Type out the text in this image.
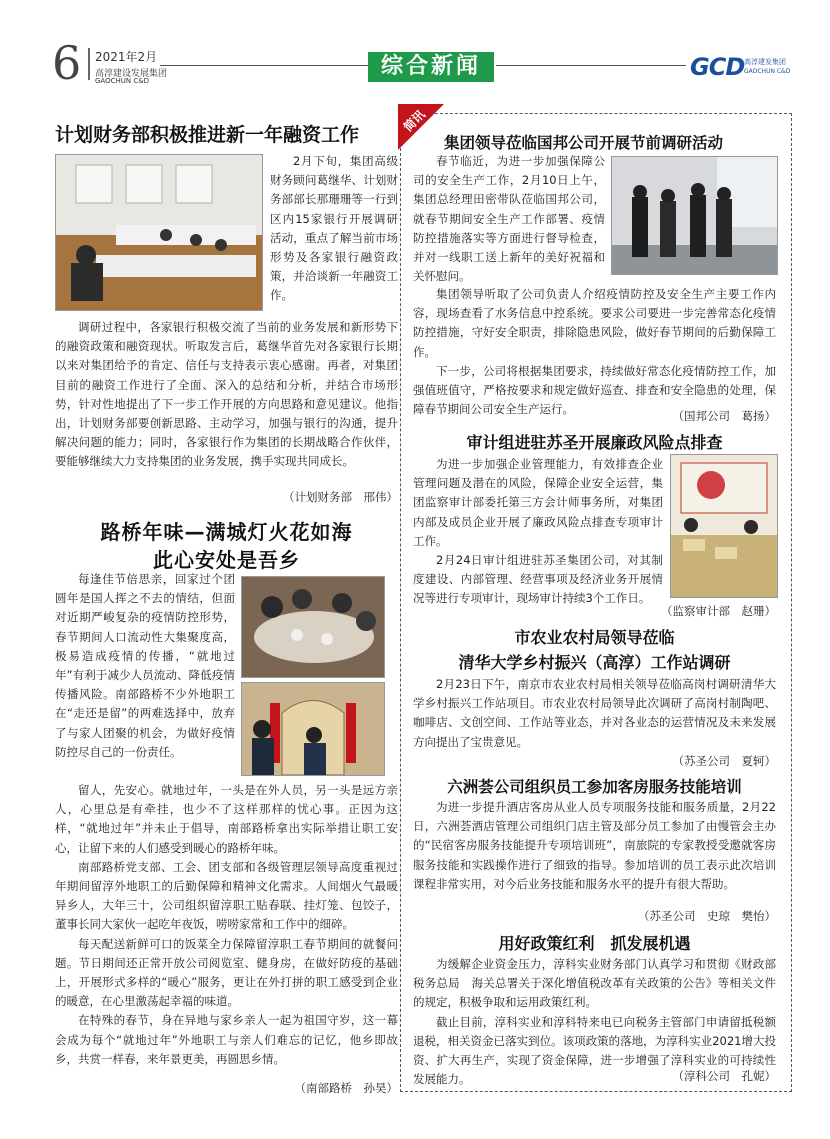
6 2021年2月
高淳建设发展集团
GAOCHUN C&D
综合新闻	GCD 高淳建发集团
GAOCHUN C&D
计划财务部积极推进新一年融资工作

2月下旬，集团高级财务顾问葛继华、计划财务部部长那珊珊等一行到区内15家银行开展调研活动，重点了解当前市场形势及各家银行融资政策，并洽谈新一年融资工作。

调研过程中，各家银行积极交流了当前的业务发展和新形势下的融资政策和融资现状。听取发言后，葛继华首先对各家银行长期以来对集团给予的肯定、信任与支持表示衷心感谢。再者，对集团目前的融资工作进行了全面、深入的总结和分析，并结合市场形势，针对性地提出了下一步工作开展的方向思路和意见建议。他指出，计划财务部要创新思路、主动学习，加强与银行的沟通，提升解决问题的能力；同时，各家银行作为集团的长期战略合作伙伴，要能够继续大力支持集团的业务发展，携手实现共同成长。

（计划财务部　邢伟）
路桥年味—满城灯火花如海
此心安处是吾乡

每逢佳节倍思亲，回家过个团圆年是国人挥之不去的情结，但面对近期严峻复杂的疫情防控形势，春节期间人口流动性大集聚度高，极易造成疫情的传播，“就地过年”有利于减少人员流动、降低疫情传播风险。南部路桥不少外地职工在“走还是留”的两难选择中，放弃了与家人团聚的机会，为做好疫情防控尽自己的一份责任。

留人，先安心。就地过年，一头是在外人员，另一头是远方亲人，心里总是有牵挂，也少不了这样那样的忧心事。正因为这样，“就地过年”并未止于倡导，南部路桥拿出实际举措让职工安心，让留下来的人们感受到暖心的路桥年味。

南部路桥党支部、工会、团支部和各级管理层领导高度重视过年期间留淳外地职工的后勤保障和精神文化需求。人间烟火气最暖异乡人，大年三十，公司组织留淳职工贴春联、挂灯笼、包饺子，董事长同大家伙一起吃年夜饭，唠唠家常和工作中的细碎。

每天配送新鲜可口的饭菜全力保障留淳职工春节期间的就餐问题。节日期间还正常开放公司阅览室、健身房，在做好防疫的基础上，开展形式多样的“暖心”服务，更让在外打拼的职工感受到企业的暖意，在心里激荡起幸福的味道。

在特殊的春节，身在异地与家乡亲人一起为祖国守岁，这一幕会成为每个“就地过年”外地职工与亲人们难忘的记忆，他乡即故乡，共赏一样春，来年景更美，再圆思乡情。

（南部路桥　孙昊）
简讯
集团领导莅临国邦公司开展节前调研活动

春节临近，为进一步加强保障公司的安全生产工作，2月10日上午，集团总经理田密带队莅临国邦公司，就春节期间安全生产工作部署、疫情防控措施落实等方面进行督导检查，并对一线职工送上新年的美好祝福和关怀慰问。

集团领导听取了公司负责人介绍疫情防控及安全生产主要工作内容，现场查看了水务信息中控系统。要求公司要进一步完善常态化疫情防控措施，守好安全职责，排除隐患风险，做好春节期间的后勤保障工作。

下一步，公司将根据集团要求，持续做好常态化疫情防控工作，加强值班值守，严格按要求和规定做好巡查、排查和安全隐患的处理，保障春节期间公司安全生产运行。	（国邦公司　葛扬）
审计组进驻苏圣开展廉政风险点排查

为进一步加强企业管理能力，有效排查企业管理问题及潜在的风险，保障企业安全运营，集团监察审计部委托第三方会计师事务所，对集团内部及成员企业开展了廉政风险点排查专项审计工作。

2月24日审计组进驻苏圣集团公司，对其制度建设、内部管理、经营事项及经济业务开展情况等进行专项审计，现场审计持续3个工作日。

（监察审计部　赵珊）
市农业农村局领导莅临
清华大学乡村振兴（高淳）工作站调研

2月23日下午，南京市农业农村局相关领导莅临高岗村调研清华大学乡村振兴工作站项目。市农业农村局领导此次调研了高岗村制陶吧、咖啡店、文创空间、工作站等业态，并对各业态的运营情况及未来发展方向提出了宝贵意见。

（苏圣公司　夏轲）
六洲荟公司组织员工参加客房服务技能培训

为进一步提升酒店客房从业人员专项服务技能和服务质量，2月22日，六洲荟酒店管理公司组织门店主管及部分员工参加了由慢管会主办的“民宿客房服务技能提升专项培训班”，南旅院的专家教授受邀就客房服务技能和实践操作进行了细致的指导。参加培训的员工表示此次培训课程非常实用，对今后业务技能和服务水平的提升有很大帮助。

（苏圣公司　史琼　樊怡）
用好政策红利　抓发展机遇

为缓解企业资金压力，淳科实业财务部门认真学习和贯彻《财政部　税务总局　海关总署关于深化增值税改革有关政策的公告》等相关文件的规定，积极争取和运用政策红利。

截止目前，淳科实业和淳科特来电已向税务主管部门申请留抵税额退税，相关资金已落实到位。该项政策的落地，为淳科实业2021增大投资、扩大再生产，实现了资金保障，进一步增强了淳科实业的可持续性发展能力。	（淳科公司　孔妮）
